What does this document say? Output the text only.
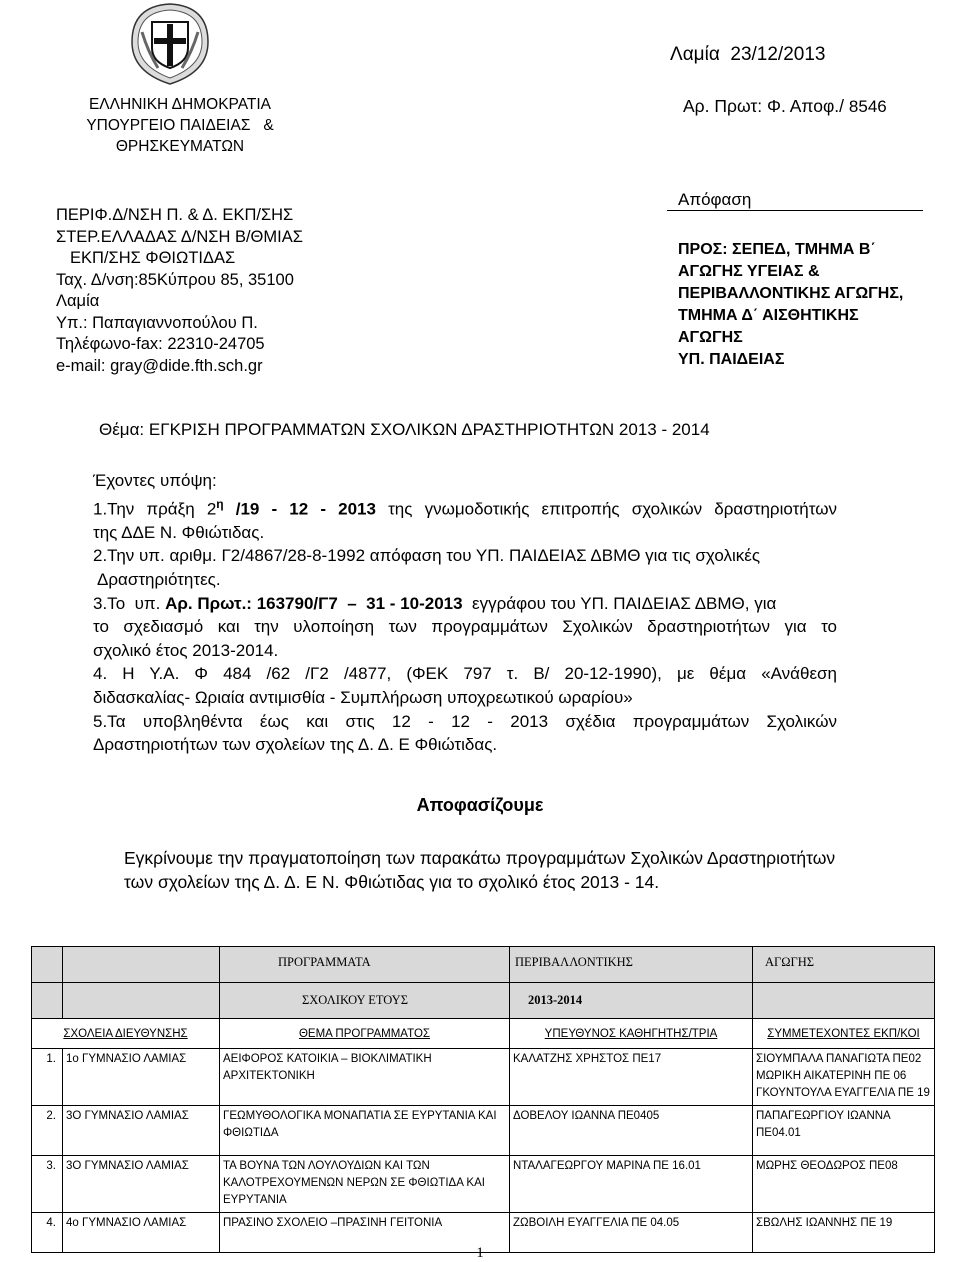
ΕΛΛΗΝΙΚΗ ΔΗΜΟΚΡΑΤΙΑ
ΥΠΟΥΡΓΕΙΟ ΠΑΙΔΕΙΑΣ   &
ΘΡΗΣΚΕΥΜΑΤΩΝ
Λαμία  23/12/2013
Αρ. Πρωτ: Φ. Αποφ./ 8546
ΠΕΡΙΦ.Δ/ΝΣΗ Π. & Δ. ΕΚΠ/ΣΗΣ
ΣΤΕΡ.ΕΛΛΑΔΑΣ Δ/ΝΣΗ Β/ΘΜΙΑΣ
ΕΚΠ/ΣΗΣ ΦΘΙΩΤΙΔΑΣ
Ταχ. Δ/νση:85Κύπρου 85, 35100
Λαμία
Υπ.: Παπαγιαννοπούλου Π.
Τηλέφωνο-fax: 22310-24705
e-mail: gray@dide.fth.sch.gr
Απόφαση
ΠΡΟΣ: ΣΕΠΕΔ, ΤΜΗΜΑ Β΄
ΑΓΩΓΗΣ ΥΓΕΙΑΣ &
ΠΕΡΙΒΑΛΛΟΝΤΙΚΗΣ ΑΓΩΓΗΣ,
ΤΜΗΜΑ Δ΄ ΑΙΣΘΗΤΙΚΗΣ
ΑΓΩΓΗΣ
ΥΠ. ΠΑΙΔΕΙΑΣ
Θέμα: ΕΓΚΡΙΣΗ ΠΡΟΓΡΑΜΜΑΤΩΝ ΣΧΟΛΙΚΩΝ ΔΡΑΣΤΗΡΙΟΤΗΤΩΝ 2013 - 2014

Έχοντες υπόψη:

1.Την πράξη $2^\eta$ /19 - 12 - 2013 της γνωμοδοτικής επιτροπής σχολικών δραστηριοτήτων

της ΔΔΕ Ν. Φθιώτιδας.

2.Την υπ. αριθμ. Γ2/4867/28-8-1992 απόφαση του ΥΠ. ΠΑΙΔΕΙΑΣ ΔΒΜΘ για τις σχολικές

Δραστηριότητες.

3.Το  υπ. Αρ. Πρωτ.: 163790/Γ7  –  31 - 10-2013  εγγράφου του ΥΠ. ΠΑΙΔΕΙΑΣ ΔΒΜΘ, για

το σχεδιασμό και την υλοποίηση των προγραμμάτων Σχολικών δραστηριοτήτων για το

σχολικό έτος 2013-2014.

4. Η Υ.Α. Φ 484 /62 /Γ2 /4877, (ΦΕΚ 797 τ. Β/ 20-12-1990), με θέμα «Ανάθεση

διδασκαλίας- Ωριαία αντιμισθία - Συμπλήρωση υποχρεωτικού ωραρίου»

5.Τα υποβληθέντα έως και στις 12 - 12 - 2013 σχέδια προγραμμάτων Σχολικών

Δραστηριοτήτων των σχολείων της Δ. Δ. Ε Φθιώτιδας.

Αποφασίζουμε

Εγκρίνουμε την πραγματοποίηση των παρακάτω προγραμμάτων Σχολικών Δραστηριοτήτων

των σχολείων της Δ. Δ. Ε Ν. Φθιώτιδας για το σχολικό έτος 2013 - 14.

		ΠΡΟΓΡΑΜΜΑΤΑ	ΠΕΡΙΒΑΛΛΟΝΤΙΚΗΣ	ΑΓΩΓΗΣ
		ΣΧΟΛΙΚΟΥ ΕΤΟΥΣ	2013-2014	
ΣΧΟΛΕΙΑ ΔΙΕΥΘΥΝΣΗΣ		ΘΕΜΑ ΠΡΟΓΡΑΜΜΑΤΟΣ	ΥΠΕΥΘΥΝΟΣ ΚΑΘΗΓΗΤΗΣ/ΤΡΙΑ	ΣΥΜΜΕΤΕΧΟΝΤΕΣ ΕΚΠ/ΚΟΙ
1.	1ο ΓΥΜΝΑΣΙΟ ΛΑΜΙΑΣ	ΑΕΙΦΟΡΟΣ ΚΑΤΟΙΚΙΑ – ΒΙΟΚΛΙΜΑΤΙΚΗ ΑΡΧΙΤΕΚΤΟΝΙΚΗ	ΚΑΛΑΤΖΗΣ ΧΡΗΣΤΟΣ ΠΕ17	ΣΙΟΥΜΠΑΛΑ ΠΑΝΑΓΙΩΤΑ ΠΕ02
ΜΩΡΙΚΗ ΑΙΚΑΤΕΡΙΝΗ ΠΕ 06
ΓΚΟΥΝΤΟΥΛΑ ΕΥΑΓΓΕΛΙΑ ΠΕ 19

2.	3Ο ΓΥΜΝΑΣΙΟ ΛΑΜΙΑΣ	ΓΕΩΜΥΘΟΛΟΓΙΚΑ ΜΟΝΑΠΑΤΙΑ ΣΕ ΕΥΡΥΤΑΝΙΑ ΚΑΙ ΦΘΙΩΤΙΔΑ	ΔΟΒΕΛΟΥ ΙΩΑΝΝΑ ΠΕ0405	ΠΑΠΑΓΕΩΡΓΙΟΥ ΙΩΑΝΝΑ ΠΕ04.01

3.	3Ο ΓΥΜΝΑΣΙΟ ΛΑΜΙΑΣ	ΤΑ ΒΟΥΝΑ ΤΩΝ ΛΟΥΛΟΥΔΙΩΝ ΚΑΙ ΤΩΝ ΚΑΛΟΤΡΕΧΟΥΜΕΝΩΝ ΝΕΡΩΝ ΣΕ ΦΘΙΩΤΙΔΑ ΚΑΙ ΕΥΡΥΤΑΝΙΑ	ΝΤΑΛΑΓΕΩΡΓΟΥ ΜΑΡΙΝΑ ΠΕ 16.01	ΜΩΡΗΣ ΘΕΟΔΩΡΟΣ ΠΕ08

4.	4ο ΓΥΜΝΑΣΙΟ ΛΑΜΙΑΣ	ΠΡΑΣΙΝΟ ΣΧΟΛΕΙΟ –ΠΡΑΣΙΝΗ ΓΕΙΤΟΝΙΑ	ΖΩΒΟΙΛΗ ΕΥΑΓΓΕΛΙΑ ΠΕ 04.05	ΣΒΩΛΗΣ ΙΩΑΝΝΗΣ ΠΕ 19
1
